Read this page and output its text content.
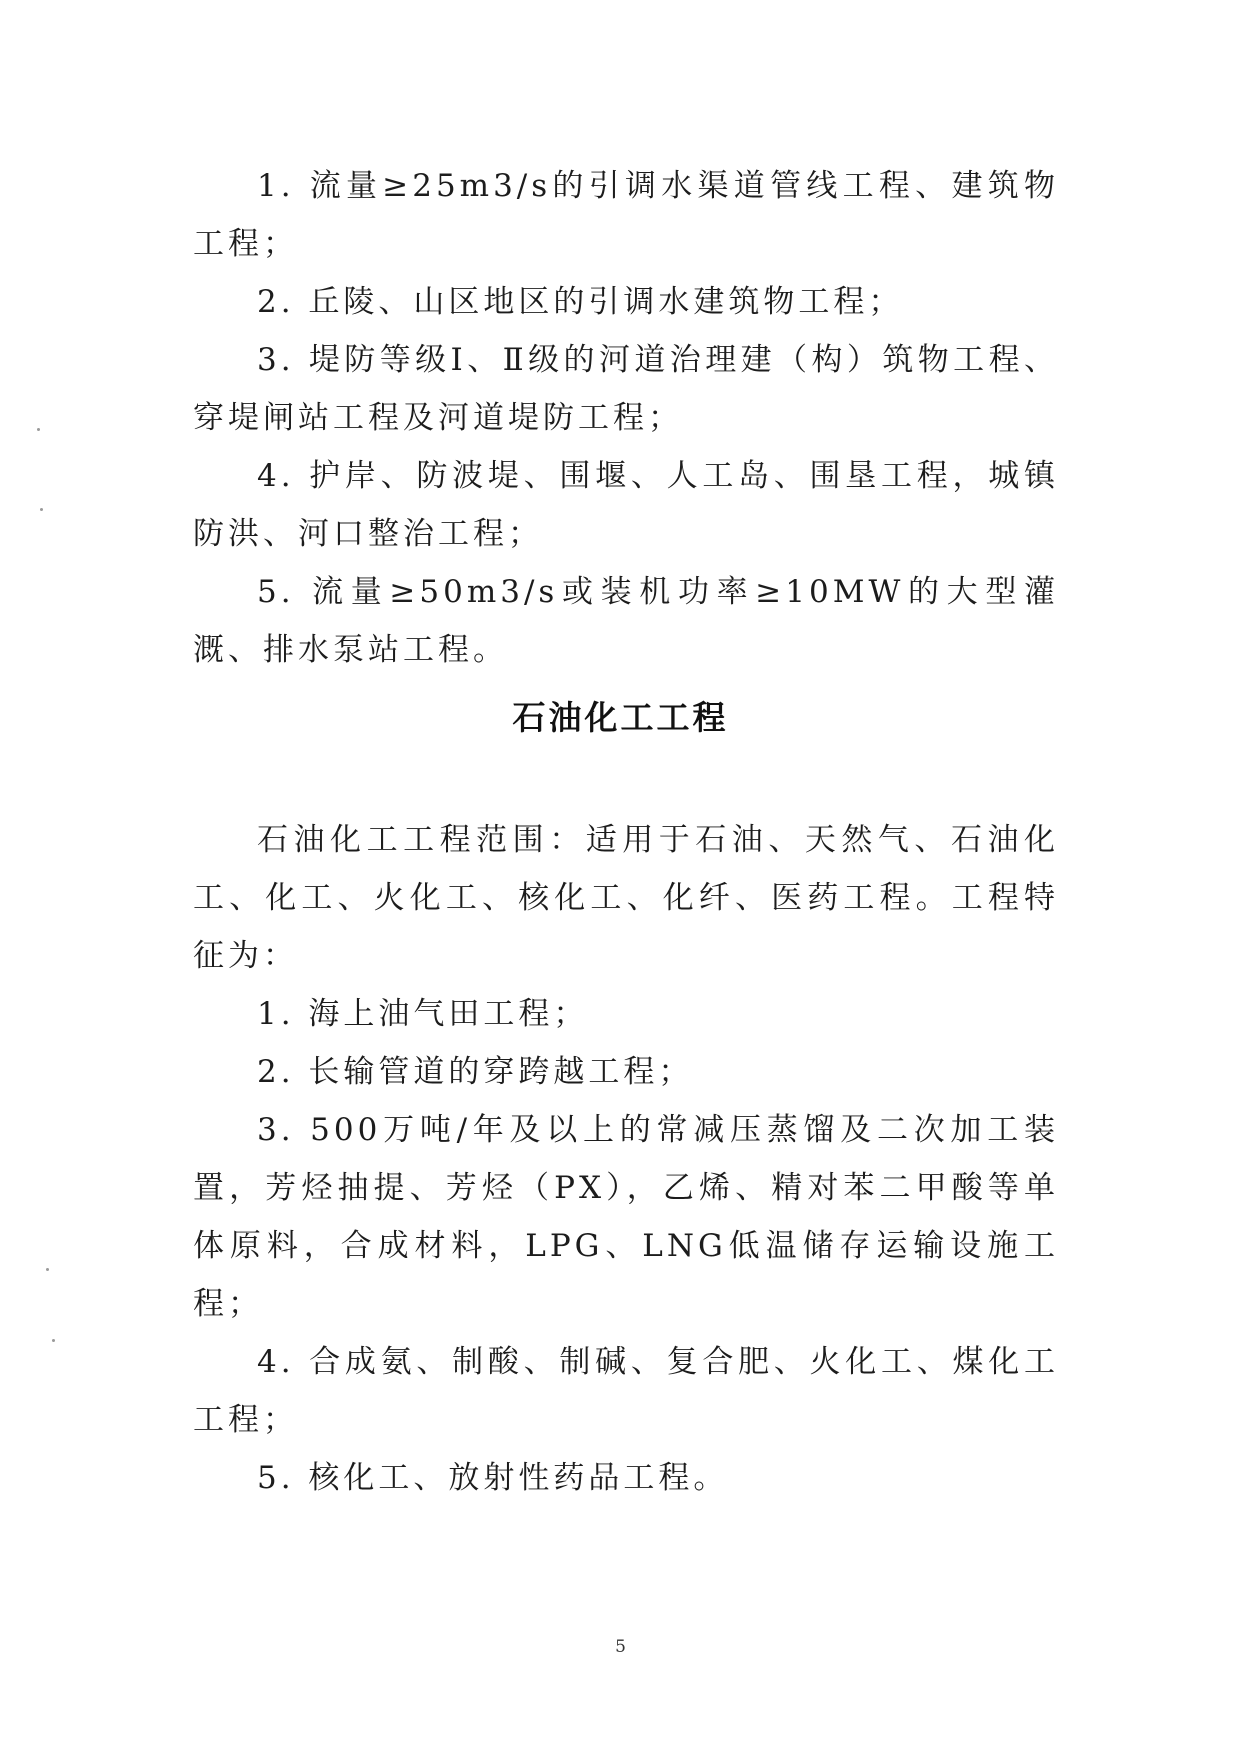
1. 流量≥25m3/s的引调水渠道管线工程、建筑物工程；

2. 丘陵、山区地区的引调水建筑物工程；

3. 堤防等级Ⅰ、Ⅱ级的河道治理建（构）筑物工程、穿堤闸站工程及河道堤防工程；

4. 护岸、防波堤、围堰、人工岛、围垦工程，城镇防洪、河口整治工程；

5. 流量≥50m3/s或装机功率≥10MW的大型灌溉、排水泵站工程。

石油化工工程

石油化工工程范围：适用于石油、天然气、石油化工、化工、火化工、核化工、化纤、医药工程。工程特征为：

1. 海上油气田工程；

2. 长输管道的穿跨越工程；

3. 500万吨/年及以上的常减压蒸馏及二次加工装置，芳烃抽提、芳烃（PX），乙烯、精对苯二甲酸等单体原料，合成材料，LPG、LNG低温储存运输设施工程；

4. 合成氨、制酸、制碱、复合肥、火化工、煤化工工程；

5. 核化工、放射性药品工程。

5
